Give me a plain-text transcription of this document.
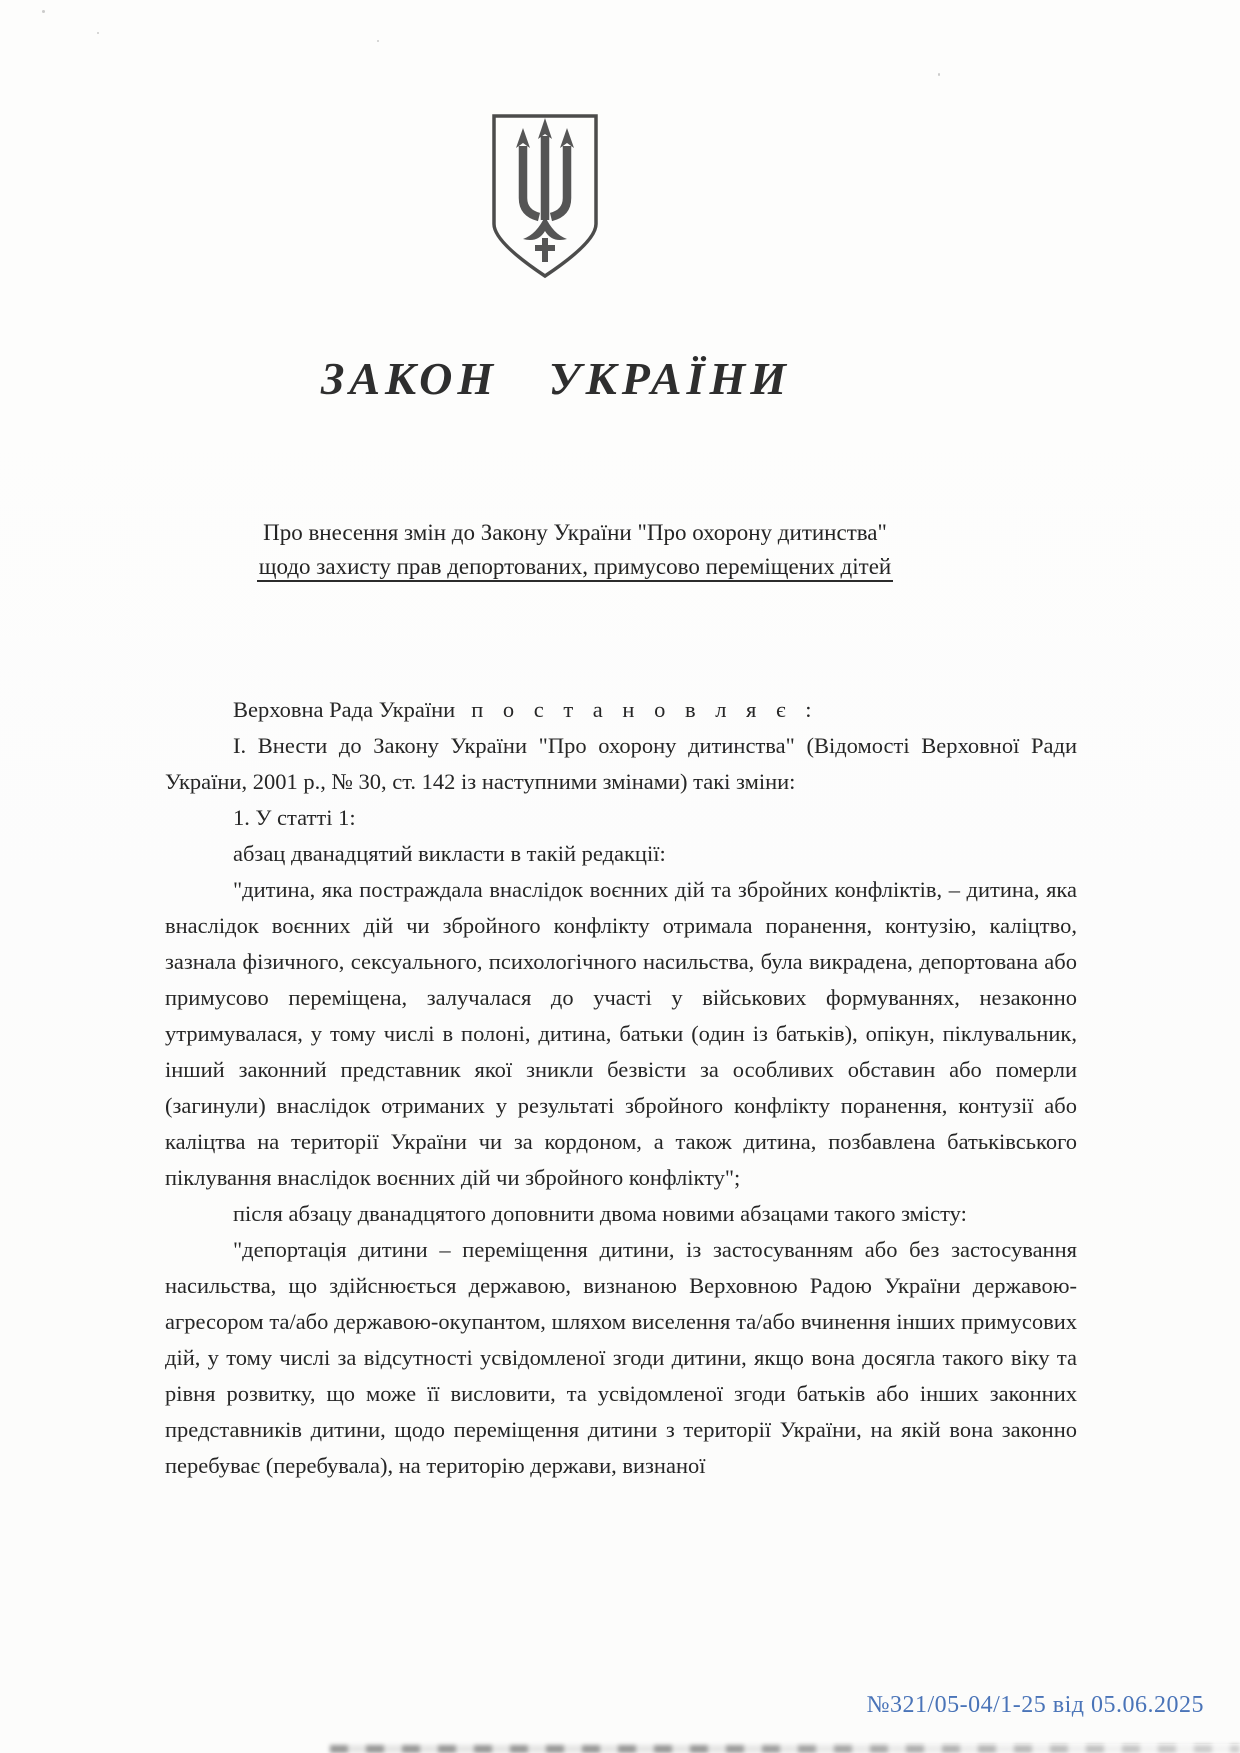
ЗАКОН УКРАЇНИ
Про внесення змін до Закону України "Про охорону дитинства"
щодо захисту прав депортованих, примусово переміщених дітей

Верховна Рада України п о с т а н о в л я є :

І. Внести до Закону України "Про охорону дитинства" (Відомості Верховної Ради України, 2001 р., № 30, ст. 142 із наступними змінами) такі зміни:

1. У статті 1:

абзац дванадцятий викласти в такій редакції:

"дитина, яка постраждала внаслідок воєнних дій та збройних конфліктів, – дитина, яка внаслідок воєнних дій чи збройного конфлікту отримала поранення, контузію, каліцтво, зазнала фізичного, сексуального, психологічного насильства, була викрадена, депортована або примусово переміщена, залучалася до участі у військових формуваннях, незаконно утримувалася, у тому числі в полоні, дитина, батьки (один із батьків), опікун, піклувальник, інший законний представник якої зникли безвісти за особливих обставин або померли (загинули) внаслідок отриманих у результаті збройного конфлікту поранення, контузії або каліцтва на території України чи за кордоном, а також дитина, позбавлена батьківського піклування внаслідок воєнних дій чи збройного конфлікту";

після абзацу дванадцятого доповнити двома новими абзацами такого змісту:

"депортація дитини – переміщення дитини, із застосуванням або без застосування насильства, що здійснюється державою, визнаною Верховною Радою України державою-агресором та/або державою-окупантом, шляхом виселення та/або вчинення інших примусових дій, у тому числі за відсутності усвідомленої згоди дитини, якщо вона досягла такого віку та рівня розвитку, що може її висловити, та усвідомленої згоди батьків або інших законних представників дитини, щодо переміщення дитини з території України, на якій вона законно перебуває (перебувала), на територію держави, визнаної

№321/05-04/1-25 від 05.06.2025
